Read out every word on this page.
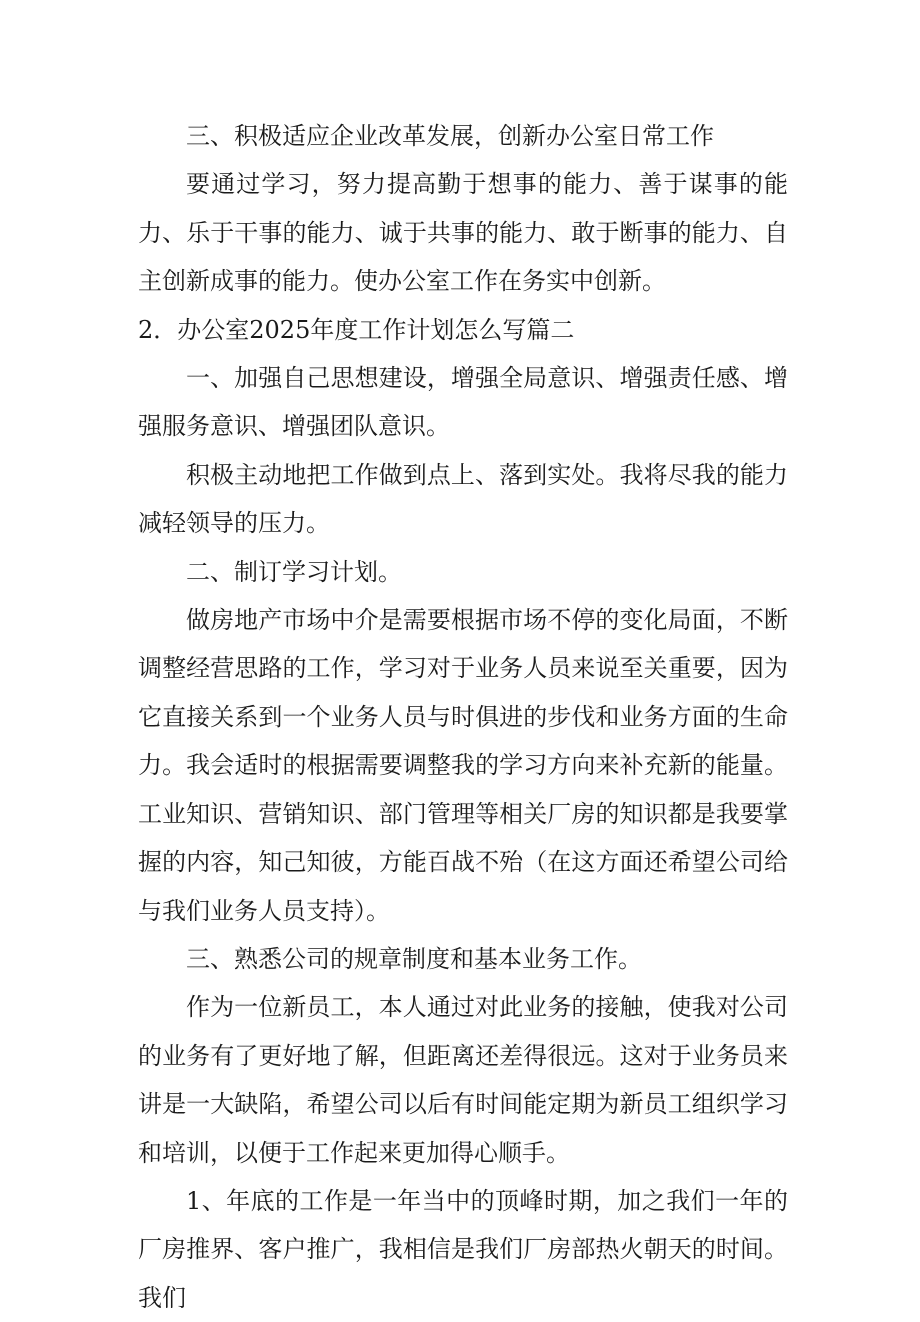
三、积极适应企业改革发展，创新办公室日常工作

要通过学习，努力提高勤于想事的能力、善于谋事的能力、乐于干事的能力、诚于共事的能力、敢于断事的能力、自主创新成事的能力。使办公室工作在务实中创新。

2．办公室2025年度工作计划怎么写篇二

一、加强自己思想建设，增强全局意识、增强责任感、增强服务意识、增强团队意识。

积极主动地把工作做到点上、落到实处。我将尽我的能力减轻领导的压力。

二、制订学习计划。

做房地产市场中介是需要根据市场不停的变化局面，不断调整经营思路的工作，学习对于业务人员来说至关重要，因为它直接关系到一个业务人员与时俱进的步伐和业务方面的生命力。我会适时的根据需要调整我的学习方向来补充新的能量。工业知识、营销知识、部门管理等相关厂房的知识都是我要掌握的内容，知己知彼，方能百战不殆（在这方面还希望公司给与我们业务人员支持）。

三、熟悉公司的规章制度和基本业务工作。

作为一位新员工，本人通过对此业务的接触，使我对公司的业务有了更好地了解，但距离还差得很远。这对于业务员来讲是一大缺陷，希望公司以后有时间能定期为新员工组织学习和培训，以便于工作起来更加得心顺手。

1、年底的工作是一年当中的顶峰时期，加之我们一年的厂房推界、客户推广，我相信是我们厂房部热火朝天的时间。我们
